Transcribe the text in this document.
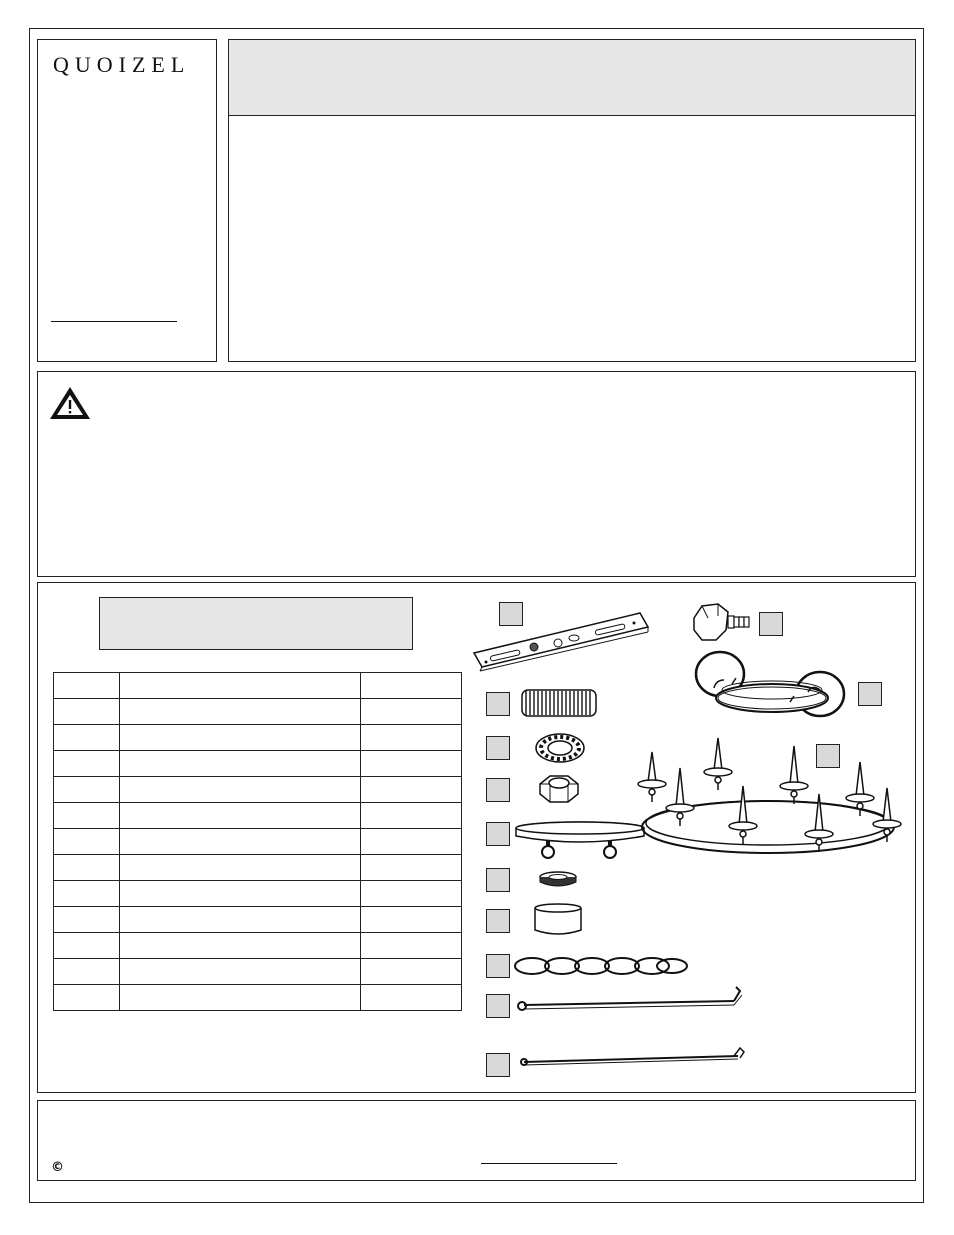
QUOIZEL

©
